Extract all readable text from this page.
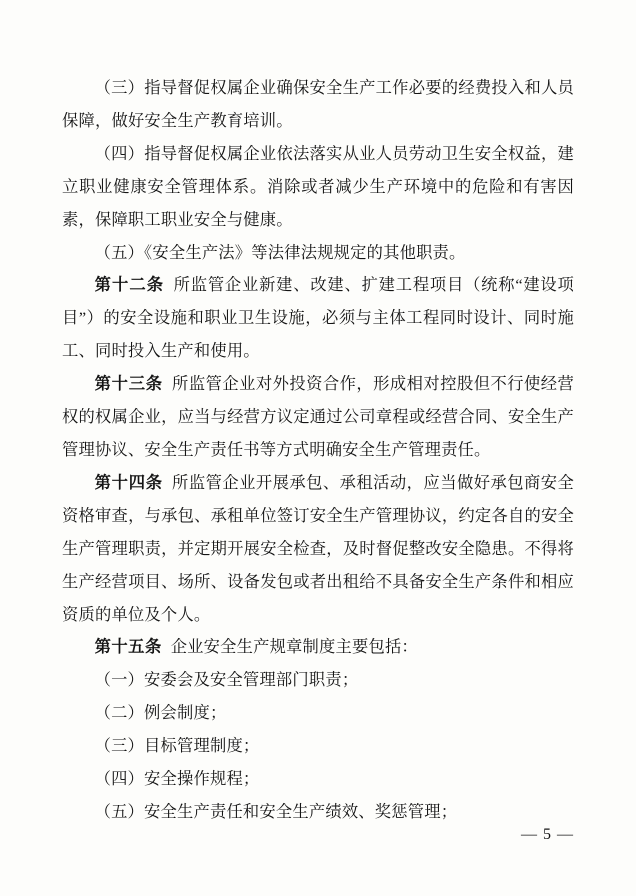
（三）指导督促权属企业确保安全生产工作必要的经费投入和人员保障，做好安全生产教育培训。

（四）指导督促权属企业依法落实从业人员劳动卫生安全权益，建立职业健康安全管理体系。消除或者减少生产环境中的危险和有害因素，保障职工职业安全与健康。

（五）《安全生产法》等法律法规规定的其他职责。

第十二条 所监管企业新建、改建、扩建工程项目（统称“建设项目”）的安全设施和职业卫生设施，必须与主体工程同时设计、同时施工、同时投入生产和使用。

第十三条 所监管企业对外投资合作，形成相对控股但不行使经营权的权属企业，应当与经营方议定通过公司章程或经营合同、安全生产管理协议、安全生产责任书等方式明确安全生产管理责任。

第十四条 所监管企业开展承包、承租活动，应当做好承包商安全资格审查，与承包、承租单位签订安全生产管理协议，约定各自的安全生产管理职责，并定期开展安全检查，及时督促整改安全隐患。不得将生产经营项目、场所、设备发包或者出租给不具备安全生产条件和相应资质的单位及个人。

第十五条 企业安全生产规章制度主要包括：

（一）安委会及安全管理部门职责；

（二）例会制度；

（三）目标管理制度；

（四）安全操作规程；

（五）安全生产责任和安全生产绩效、奖惩管理；

— 5 —
